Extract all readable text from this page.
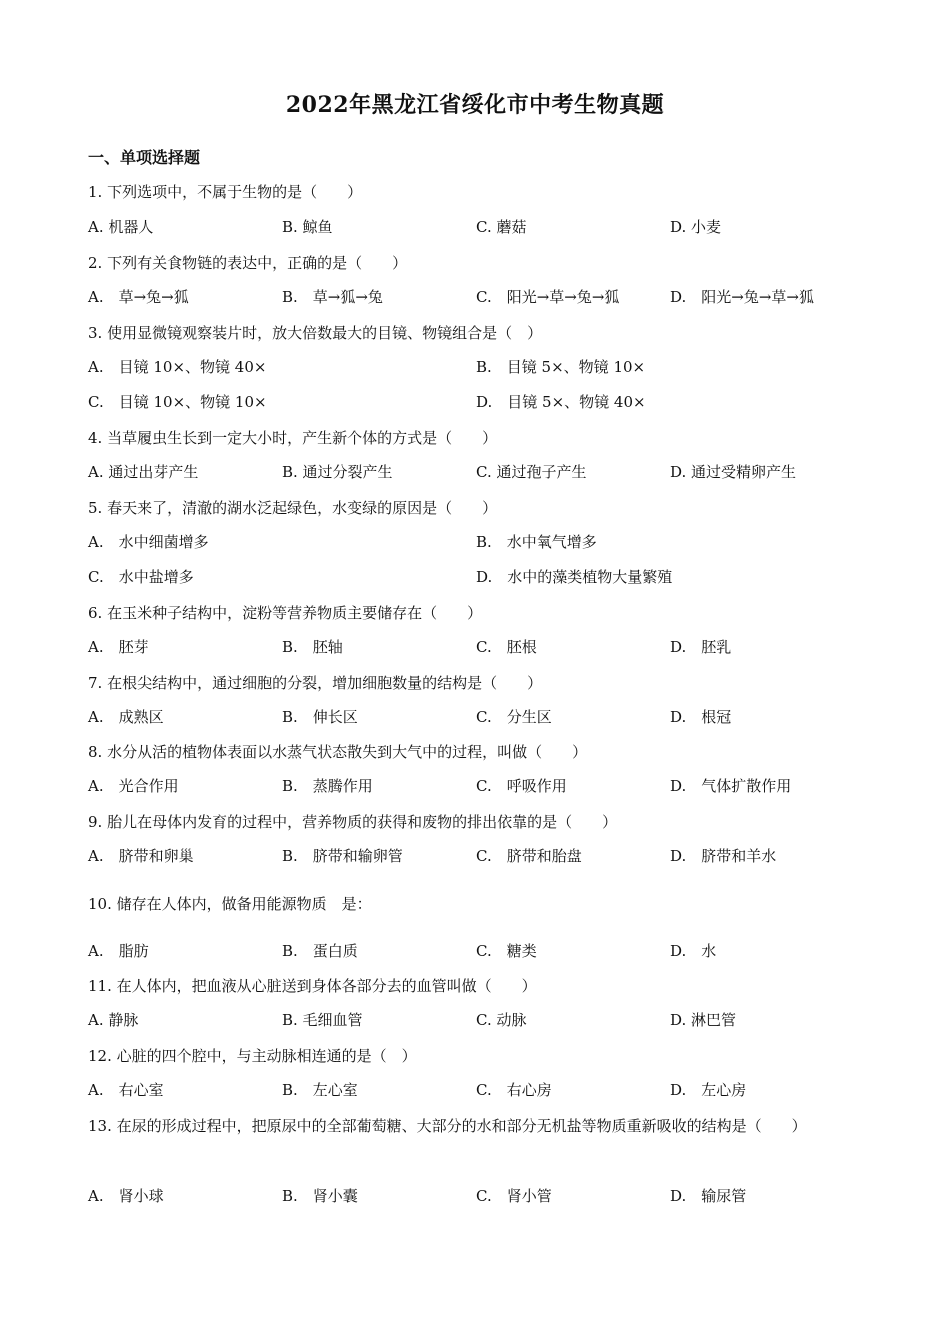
2022年黑龙江省绥化市中考生物真题
一、单项选择题
1. 下列选项中，不属于生物的是（　　）
A. 机器人	B. 鲸鱼	C. 蘑菇	D. 小麦
2. 下列有关食物链的表达中，正确的是（　　）
A.　草→兔→狐	B.　草→狐→兔	C.　阳光→草→兔→狐	D.　阳光→兔→草→狐
3. 使用显微镜观察装片时，放大倍数最大的目镜、物镜组合是（　）
A.　目镜 10×、物镜 40×	B.　目镜 5×、物镜 10×
C.　目镜 10×、物镜 10×	D.　目镜 5×、物镜 40×
4. 当草履虫生长到一定大小时，产生新个体的方式是（　　）
A. 通过出芽产生	B. 通过分裂产生	C. 通过孢子产生	D. 通过受精卵产生
5. 春天来了，清澈的湖水泛起绿色，水变绿的原因是（　　）
A.　水中细菌增多	B.　水中氧气增多
C.　水中盐增多	D.　水中的藻类植物大量繁殖
6. 在玉米种子结构中，淀粉等营养物质主要储存在（　　）
A.　胚芽	B.　胚轴	C.　胚根	D.　胚乳
7. 在根尖结构中，通过细胞的分裂，增加细胞数量的结构是（　　）
A.　成熟区	B.　伸长区	C.　分生区	D.　根冠
8. 水分从活的植物体表面以水蒸气状态散失到大气中的过程，叫做（　　）
A.　光合作用	B.　蒸腾作用	C.　呼吸作用	D.　气体扩散作用
9. 胎儿在母体内发育的过程中，营养物质的获得和废物的排出依靠的是（　　）
A.　脐带和卵巢	B.　脐带和输卵管	C.　脐带和胎盘	D.　脐带和羊水
10. 储存在人体内，做备用能源物质　是：
A.　脂肪	B.　蛋白质	C.　糖类	D.　水
11. 在人体内，把血液从心脏送到身体各部分去的血管叫做（　　）
A. 静脉	B. 毛细血管	C. 动脉	D. 淋巴管
12. 心脏的四个腔中，与主动脉相连通的是（　）
A.　右心室	B.　左心室	C.　右心房	D.　左心房
13. 在尿的形成过程中，把原尿中的全部葡萄糖、大部分的水和部分无机盐等物质重新吸收的结构是（　　）
A.　肾小球	B.　肾小囊	C.　肾小管	D.　输尿管
